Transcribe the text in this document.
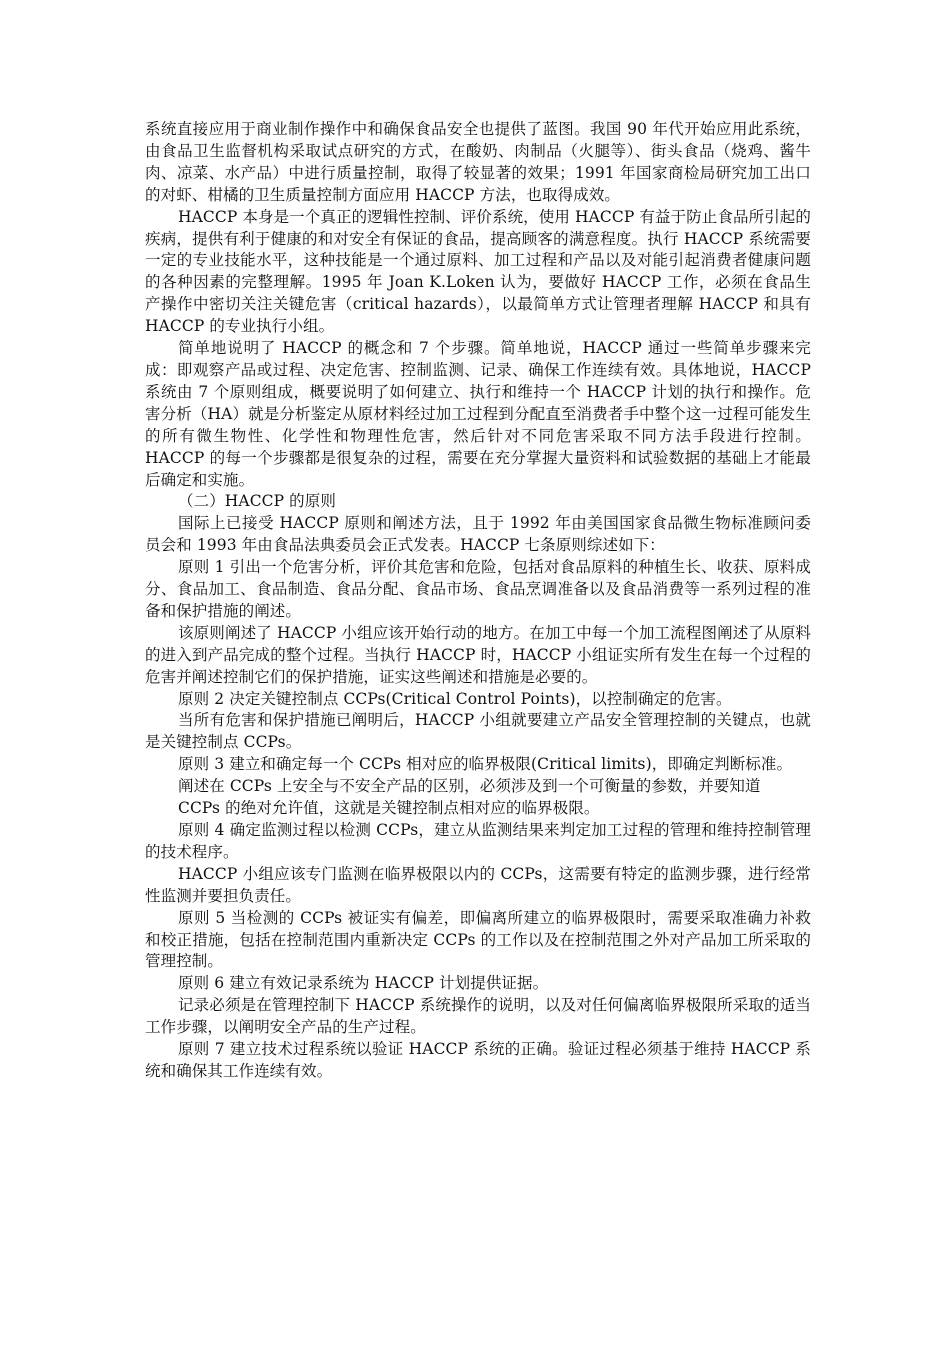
系统直接应用于商业制作操作中和确保食品安全也提供了蓝图。我国 90 年代开始应用此系统，由食品卫生监督机构采取试点研究的方式，在酸奶、肉制品（火腿等）、街头食品（烧鸡、酱牛肉、凉菜、水产品）中进行质量控制，取得了较显著的效果；1991 年国家商检局研究加工出口的对虾、柑橘的卫生质量控制方面应用 HACCP 方法，也取得成效。

HACCP 本身是一个真正的逻辑性控制、评价系统，使用 HACCP 有益于防止食品所引起的疾病，提供有利于健康的和对安全有保证的食品，提高顾客的满意程度。执行 HACCP 系统需要一定的专业技能水平，这种技能是一个通过原料、加工过程和产品以及对能引起消费者健康问题的各种因素的完整理解。1995 年 Joan K.Loken 认为，要做好 HACCP 工作，必须在食品生产操作中密切关注关键危害（critical hazards），以最简单方式让管理者理解 HACCP 和具有 HACCP 的专业执行小组。

简单地说明了 HACCP 的概念和 7 个步骤。简单地说，HACCP 通过一些简单步骤来完成：即观察产品或过程、决定危害、控制监测、记录、确保工作连续有效。具体地说，HACCP 系统由 7 个原则组成，概要说明了如何建立、执行和维持一个 HACCP 计划的执行和操作。危害分析（HA）就是分析鉴定从原材料经过加工过程到分配直至消费者手中整个这一过程可能发生的所有微生物性、化学性和物理性危害，然后针对不同危害采取不同方法手段进行控制。HACCP 的每一个步骤都是很复杂的过程，需要在充分掌握大量资料和试验数据的基础上才能最后确定和实施。

（二）HACCP 的原则

国际上已接受 HACCP 原则和阐述方法，且于 1992 年由美国国家食品微生物标准顾问委员会和 1993 年由食品法典委员会正式发表。HACCP 七条原则综述如下：

原则 1 引出一个危害分析，评价其危害和危险，包括对食品原料的种植生长、收获、原料成分、食品加工、食品制造、食品分配、食品市场、食品烹调准备以及食品消费等一系列过程的准备和保护措施的阐述。

该原则阐述了 HACCP 小组应该开始行动的地方。在加工中每一个加工流程图阐述了从原料的进入到产品完成的整个过程。当执行 HACCP 时，HACCP 小组证实所有发生在每一个过程的危害并阐述控制它们的保护措施，证实这些阐述和措施是必要的。

原则 2 决定关键控制点 CCPs(Critical Control Points)，以控制确定的危害。

当所有危害和保护措施已阐明后，HACCP 小组就要建立产品安全管理控制的关键点，也就是关键控制点 CCPs。

原则 3 建立和确定每一个 CCPs 相对应的临界极限(Critical limits)，即确定判断标准。

阐述在 CCPs 上安全与不安全产品的区别，必须涉及到一个可衡量的参数，并要知道

CCPs 的绝对允许值，这就是关键控制点相对应的临界极限。

原则 4 确定监测过程以检测 CCPs，建立从监测结果来判定加工过程的管理和维持控制管理的技术程序。

HACCP 小组应该专门监测在临界极限以内的 CCPs，这需要有特定的监测步骤，进行经常性监测并要担负责任。

原则 5 当检测的 CCPs 被证实有偏差，即偏离所建立的临界极限时，需要采取准确力补救和校正措施，包括在控制范围内重新决定 CCPs 的工作以及在控制范围之外对产品加工所采取的管理控制。

原则 6 建立有效记录系统为 HACCP 计划提供证据。

记录必须是在管理控制下 HACCP 系统操作的说明，以及对任何偏离临界极限所采取的适当工作步骤，以阐明安全产品的生产过程。

原则 7 建立技术过程系统以验证 HACCP 系统的正确。验证过程必须基于维持 HACCP 系统和确保其工作连续有效。
